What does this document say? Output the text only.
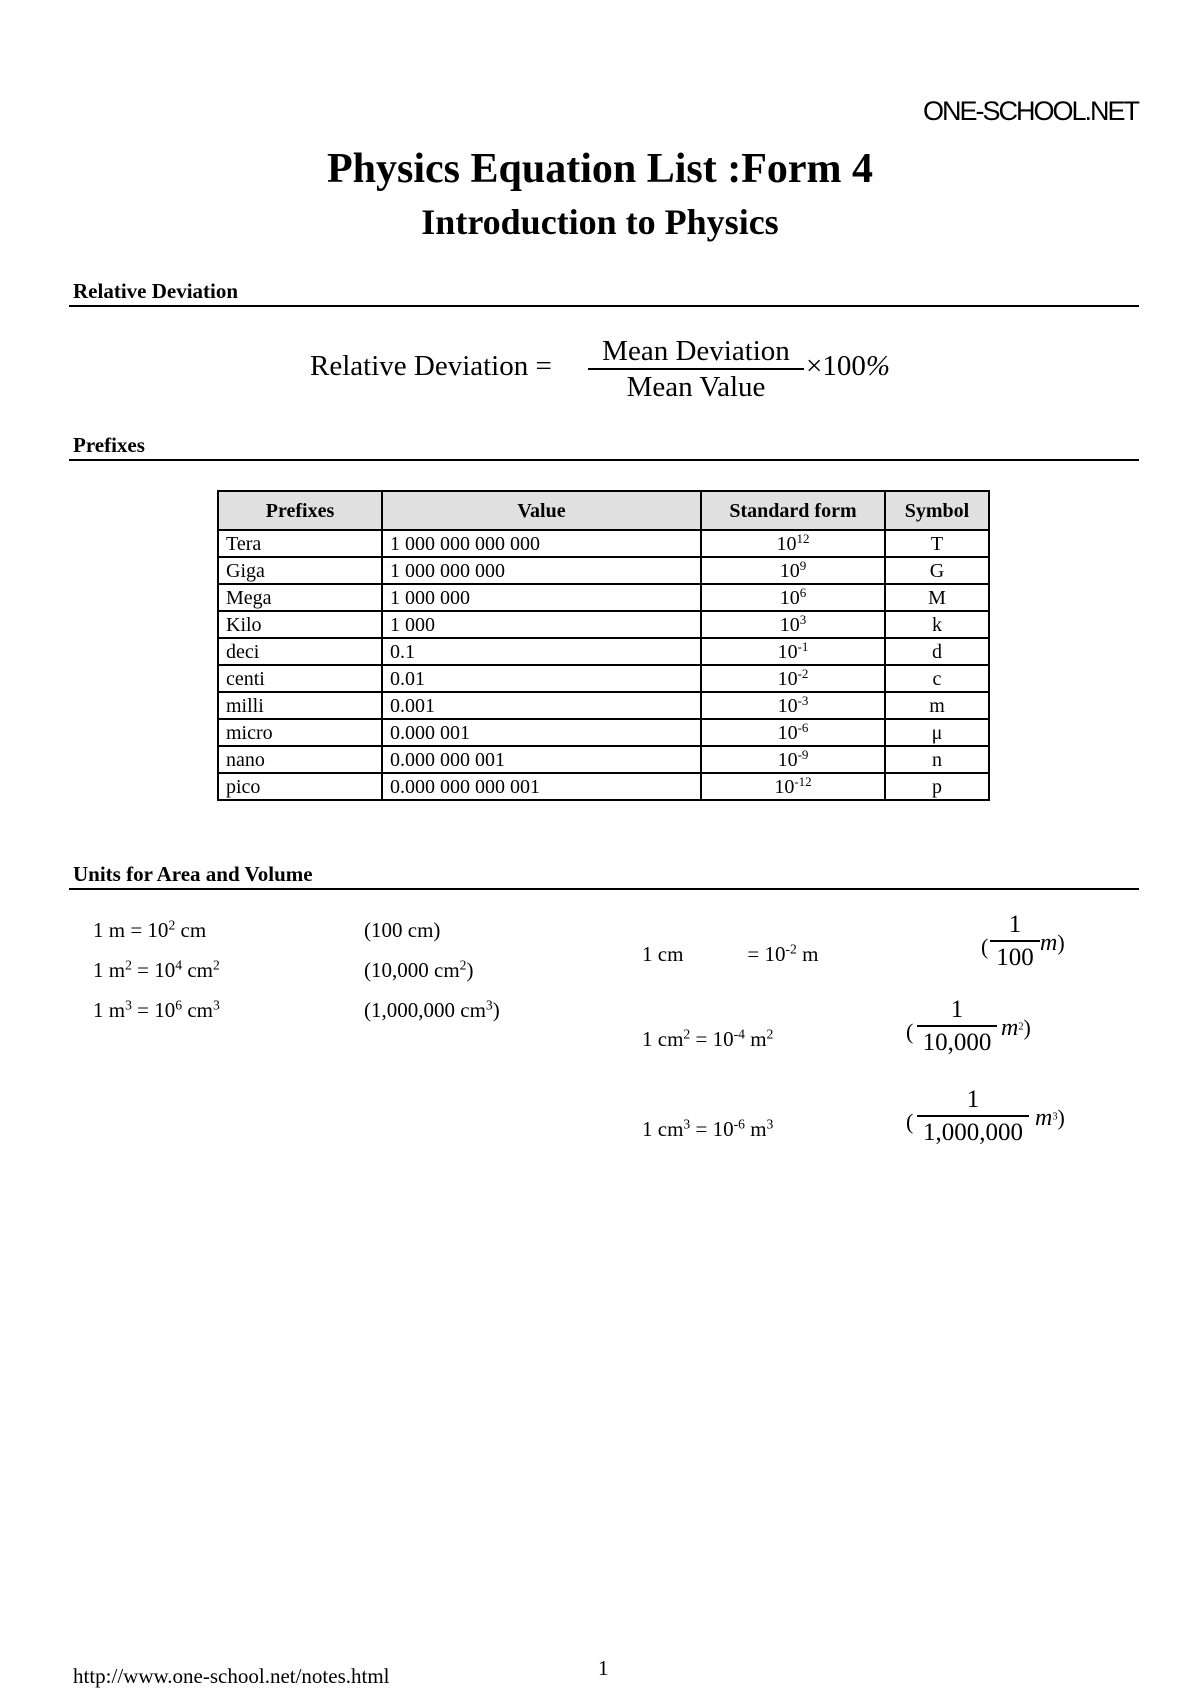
ONE-SCHOOL.NET
Physics Equation List :Form 4
Introduction to Physics
Relative Deviation
Relative Deviation =	Mean Deviation
Mean Value
×100%
Prefixes
Prefixes	Value	Standard form	Symbol
Tera	1 000 000 000 000	$10^{12}$	T
Giga	1 000 000 000	$10^9$	G
Mega	1 000 000	$10^6$	M
Kilo	1 000	$10^3$	k
deci	0.1	$10^{-1}$	d
centi	0.01	$10^{-2}$	c
milli	0.001	$10^{-3}$	m
micro	0.000 001	$10^{-6}$	μ
nano	0.000 000 001	$10^{-9}$	n
pico	0.000 000 000 001	$10^{-12}$	p
Units for Area and Volume
1 $m = 10^2$ cm	(100 cm)
1 $m^2 = 10^4$ $cm^2$	(10,000 $cm^2$)
1 $m^3 = 10^6$ $cm^3$	(1,000,000 $cm^3$)
1 cm	= $10^{-2}$ m	(
1
100
m)
1 $cm^2 = 10^{-4}$ $m^2$	(
1
10,000
$m^2$)
1 $cm^3 = 10^{-6}$ $m^3$	(
1
1,000,000
$m^3$)
http://www.one-school.net/notes.html	1
